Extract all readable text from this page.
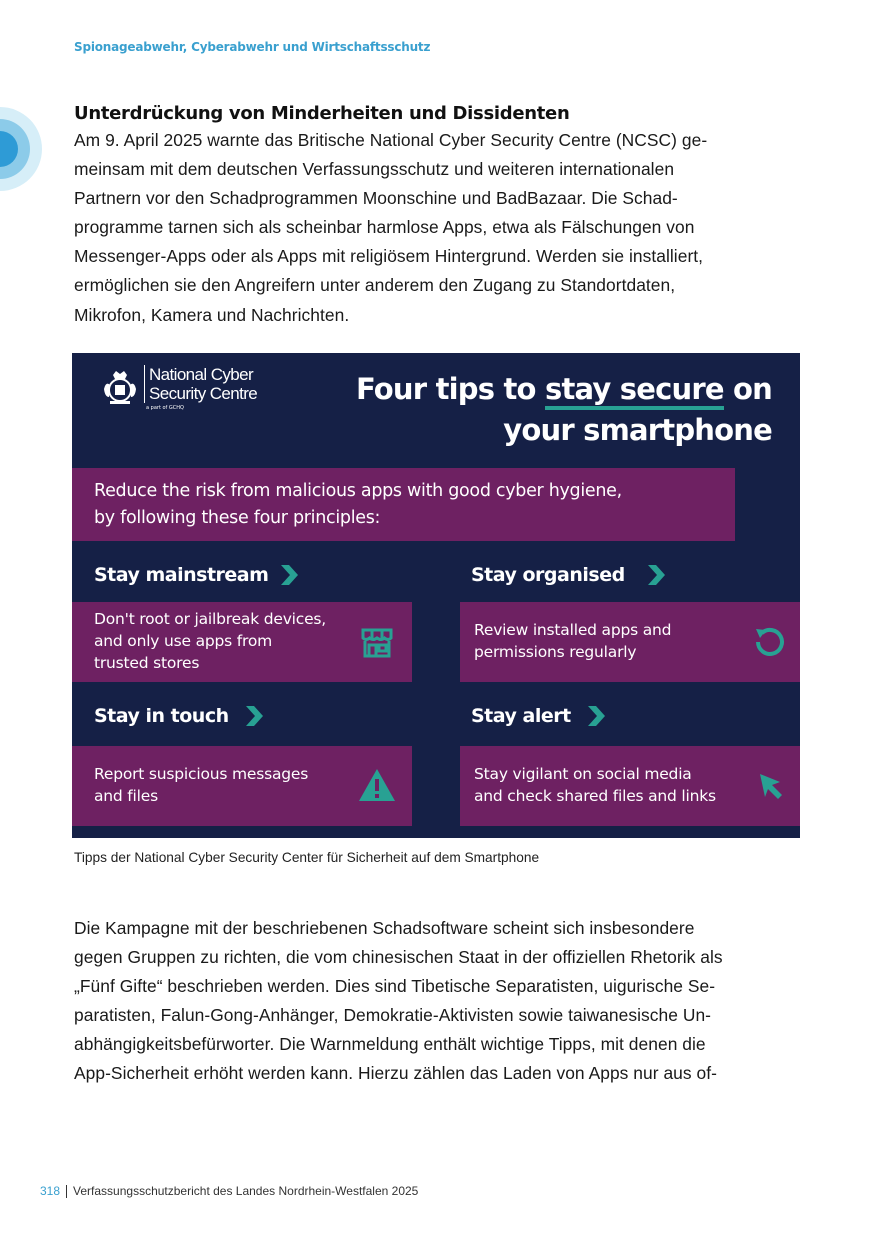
Spionageabwehr, Cyberabwehr und Wirtschaftsschutz
Unterdrückung von Minderheiten und Dissidenten

Am 9. April 2025 warnte das Britische National Cyber Security Centre (NCSC) ge-
meinsam mit dem deutschen Verfassungsschutz und weiteren internationalen
Partnern vor den Schadprogrammen Moonschine und BadBazaar. Die Schad-
programme tarnen sich als scheinbar harmlose Apps, etwa als Fälschungen von
Messenger-Apps oder als Apps mit religiösem Hintergrund. Werden sie installiert,
ermöglichen sie den Angreifern unter anderem den Zugang zu Standortdaten,
Mikrofon, Kamera und Nachrichten.

National Cyber
Security Centre
a part of GCHQ
Four tips to stay secure on
your smartphone
Reduce the risk from malicious apps with good cyber hygiene,
by following these four principles:
Stay mainstream
Don't root or jailbreak devices,
and only use apps from
trusted stores
Stay organised
Review installed apps and
permissions regularly
Stay in touch
Report suspicious messages
and files
Stay alert
Stay vigilant on social media
and check shared files and links
Tipps der National Cyber Security Center für Sicherheit auf dem Smartphone

Die Kampagne mit der beschriebenen Schadsoftware scheint sich insbesondere
gegen Gruppen zu richten, die vom chinesischen Staat in der offiziellen Rhetorik als
„Fünf Gifte“ beschrieben werden. Dies sind Tibetische Separatisten, uigurische Se-
paratisten, Falun-Gong-Anhänger, Demokratie-Aktivisten sowie taiwanesische Un-
abhängigkeitsbefürworter. Die Warnmeldung enthält wichtige Tipps, mit denen die
App-Sicherheit erhöht werden kann. Hierzu zählen das Laden von Apps nur aus of-

318 Verfassungsschutzbericht des Landes Nordrhein-Westfalen 2025
